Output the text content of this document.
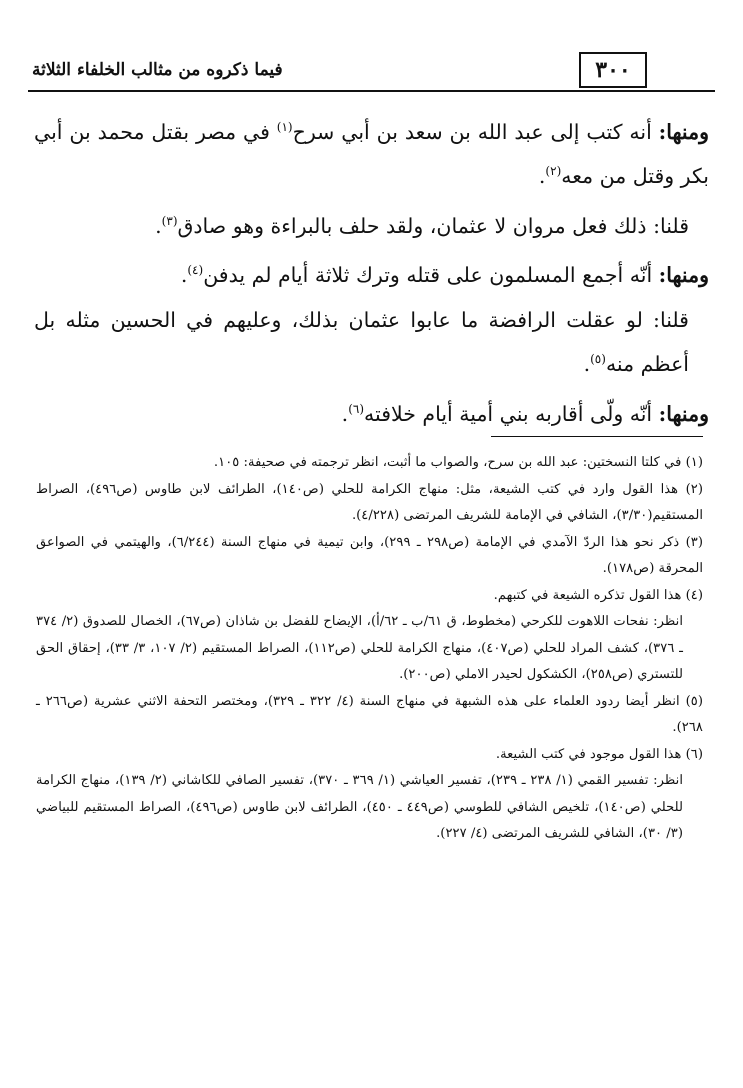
٣٠٠
فيما ذكروه من مثالب الخلفاء الثلاثة

ومنها: أنه كتب إلى عبد الله بن سعد بن أبي سرح$^{(١)}$ في مصر بقتل محمد بن أبي بكر وقتل من معه$^{(٢)}$.

قلنا: ذلك فعل مروان لا عثمان، ولقد حلف بالبراءة وهو صادق$^{(٣)}$.

ومنها: أنّه أجمع المسلمون على قتله وترك ثلاثة أيام لم يدفن$^{(٤)}$.

قلنا: لو عقلت الرافضة ما عابوا عثمان بذلك، وعليهم في الحسين مثله بل أعظم منه$^{(٥)}$.

ومنها: أنّه ولّى أقاربه بني أمية أيام خلافته$^{(٦)}$.

(١) في كلتا النسختين: عبد الله بن سرح، والصواب ما أثبت، انظر ترجمته في صحيفة: ١٠٥.

(٢) هذا القول وارد في كتب الشيعة، مثل: منهاج الكرامة للحلي (ص١٤٠)، الطرائف لابن طاوس (ص٤٩٦)، الصراط المستقيم(٣/٣٠)، الشافي في الإمامة للشريف المرتضى (٤/٢٢٨).

(٣) ذكر نحو هذا الردّ الآمدي في الإمامة (ص٢٩٨ ـ ٢٩٩)، وابن تيمية في منهاج السنة (٦/٢٤٤)، والهيتمي في الصواعق المحرقة (ص١٧٨).

(٤) هذا القول تذكره الشيعة في كتبهم.

انظر: نفحات اللاهوت للكرحي (مخطوط، ق ٦١/ب ـ ٦٢/أ)، الإيضاح للفضل بن شاذان (ص٦٧)، الخصال للصدوق (٢/ ٣٧٤ ـ ٣٧٦)، كشف المراد للحلي (ص٤٠٧)، منهاج الكرامة للحلي (ص١١٢)، الصراط المستقيم (٢/ ١٠٧، ٣/ ٣٣)، إحقاق الحق للتستري (ص٢٥٨)، الكشكول لحيدر الاملي (ص٢٠٠).

(٥) انظر أيضا ردود العلماء على هذه الشبهة في منهاج السنة (٤/ ٣٢٢ ـ ٣٢٩)، ومختصر التحفة الاثني عشرية (ص٢٦٦ ـ ٢٦٨).

(٦) هذا القول موجود في كتب الشيعة.

انظر: تفسير القمي (١/ ٢٣٨ ـ ٢٣٩)، تفسير العياشي (١/ ٣٦٩ ـ ٣٧٠)، تفسير الصافي للكاشاني (٢/ ١٣٩)، منهاج الكرامة للحلي (ص١٤٠)، تلخيص الشافي للطوسي (ص٤٤٩ ـ ٤٥٠)، الطرائف لابن طاوس (ص٤٩٦)، الصراط المستقيم للبياضي (٣/ ٣٠)، الشافي للشريف المرتضى (٤/ ٢٢٧).
